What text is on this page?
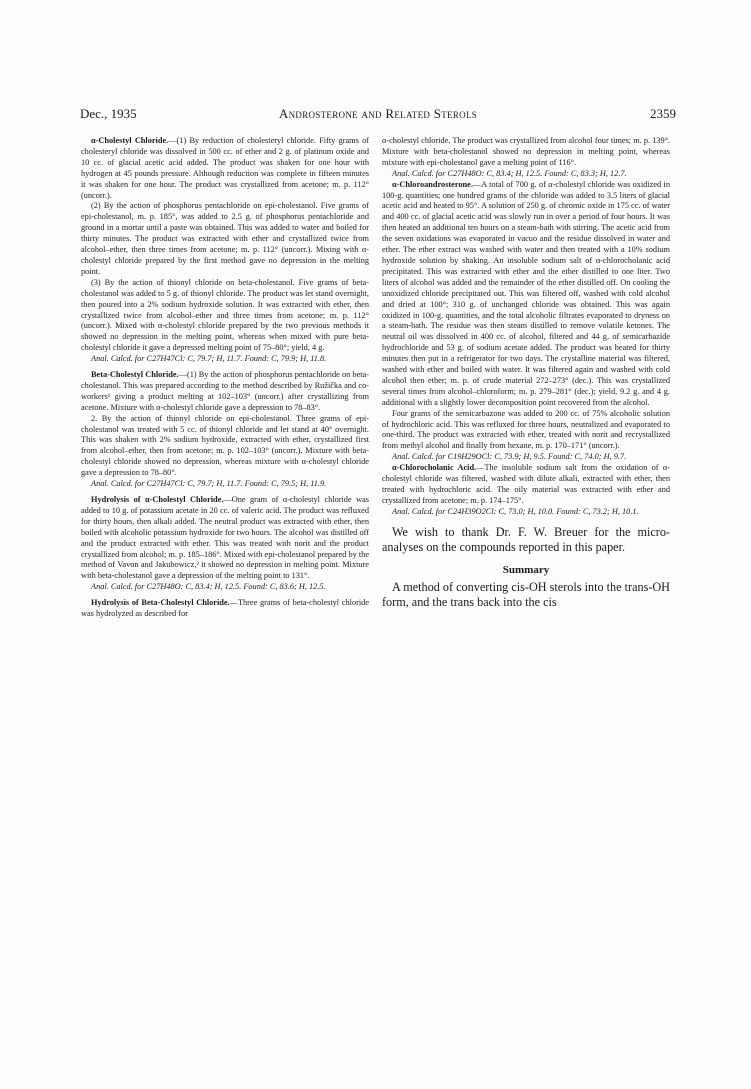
Dec., 1935	Androsterone and Related Sterols	2359

α-Cholestyl Chloride.—(1) By reduction of cholesteryl chloride. Fifty grams of cholesteryl chloride was dissolved in 500 cc. of ether and 2 g. of platinum oxide and 10 cc. of glacial acetic acid added. The product was shaken for one hour with hydrogen at 45 pounds pressure. Although reduction was complete in fifteen minutes it was shaken for one hour. The product was crystallized from acetone; m. p. 112° (uncorr.).

(2) By the action of phosphorus pentachloride on epi-cholestanol. Five grams of epi-cholestanol, m. p. 185°, was added to 2.5 g. of phosphorus pentachloride and ground in a mortar until a paste was obtained. This was added to water and boiled for thirty minutes. The product was extracted with ether and crystallized twice from alcohol–ether, then three times from acetone; m. p. 112° (uncorr.). Mixing with α-cholestyl chloride prepared by the first method gave no depression in the melting point.

(3) By the action of thionyl chloride on beta-cholestanol. Five grams of beta-cholestanol was added to 5 g. of thionyl chloride. The product was let stand overnight, then poured into a 2% sodium hydroxide solution. It was extracted with ether, then crystallized twice from alcohol–ether and three times from acetone; m. p. 112° (uncorr.). Mixed with α-cholestyl chloride prepared by the two previous methods it showed no depression in the melting point, whereas when mixed with pure beta-cholestyl chloride it gave a depressed melting point of 75–80°; yield, 4 g.

Anal. Calcd. for C27H47Cl: C, 79.7; H, 11.7. Found: C, 79.9; H, 11.8.

Beta-Cholestyl Chloride.—(1) By the action of phosphorus pentachloride on beta-cholestanol. This was prepared according to the method described by Ružička and co-workers¹ giving a product melting at 102–103° (uncorr.) after crystallizing from acetone. Mixture with α-cholestyl chloride gave a depression to 78–83°.

2. By the action of thionyl chloride on epi-cholestanol. Three grams of epi-cholestanol was treated with 5 cc. of thionyl chloride and let stand at 40° overnight. This was shaken with 2% sodium hydroxide, extracted with ether, crystallized first from alcohol–ether, then from acetone; m. p. 102–103° (uncorr.). Mixture with beta-cholestyl chloride showed no depression, whereas mixture with α-cholestyl chloride gave a depression to 78–80°.

Anal. Calcd. for C27H47Cl: C, 79.7; H, 11.7. Found: C, 79.5; H, 11.9.

Hydrolysis of α-Cholestyl Chloride.—One gram of α-cholestyl chloride was added to 10 g. of potassium acetate in 20 cc. of valeric acid. The product was refluxed for thirty hours, then alkali added. The neutral product was extracted with ether, then boiled with alcoholic potassium hydroxide for two hours. The alcohol was distilled off and the product extracted with ether. This was treated with norit and the product crystallized from alcohol; m. p. 185–186°. Mixed with epi-cholestanol prepared by the method of Vavon and Jakubowicz,² it showed no depression in melting point. Mixture with beta-cholestanol gave a depression of the melting point to 131°.

Anal. Calcd. for C27H48O: C, 83.4; H, 12.5. Found: C, 83.6; H, 12.5.

Hydrolysis of Beta-Cholestyl Chloride.—Three grams of beta-cholestyl chloride was hydrolyzed as described for

α-cholestyl chloride. The product was crystallized from alcohol four times; m. p. 139°. Mixture with beta-cholestanol showed no depression in melting point, whereas mixture with epi-cholestanol gave a melting point of 116°.

Anal. Calcd. for C27H48O: C, 83.4; H, 12.5. Found: C, 83.3; H, 12.7.

α-Chloroandrosterone.—A total of 700 g. of α-cholestyl chloride was oxidized in 100-g. quantities; one hundred grams of the chloride was added to 3.5 liters of glacial acetic acid and heated to 95°. A solution of 250 g. of chromic oxide in 175 cc. of water and 400 cc. of glacial acetic acid was slowly run in over a period of four hours. It was then heated an additional ten hours on a steam-bath with stirring. The acetic acid from the seven oxidations was evaporated in vacuo and the residue dissolved in water and ether. The ether extract was washed with water and then treated with a 10% sodium hydroxide solution by shaking. An insoluble sodium salt of α-chlorocholanic acid precipitated. This was extracted with ether and the ether distilled to one liter. Two liters of alcohol was added and the remainder of the ether distilled off. On cooling the unoxidized chloride precipitated out. This was filtered off, washed with cold alcohol and dried at 100°; 310 g. of unchanged chloride was obtained. This was again oxidized in 100-g. quantities, and the total alcoholic filtrates evaporated to dryness on a steam-bath. The residue was then steam distilled to remove volatile ketones. The neutral oil was dissolved in 400 cc. of alcohol, filtered and 44 g. of semicarbazide hydrochloride and 53 g. of sodium acetate added. The product was heated for thirty minutes then put in a refrigerator for two days. The crystalline material was filtered, washed with ether and boiled with water. It was filtered again and washed with cold alcohol then ether; m. p. of crude material 272–273° (dec.). This was crystallized several times from alcohol–chloroform; m. p. 279–281° (dec.); yield, 9.2 g. and 4 g. additional with a slightly lower decomposition point recovered from the alcohol.

Four grams of the semicarbazone was added to 200 cc. of 75% alcoholic solution of hydrochloric acid. This was refluxed for three hours, neutralized and evaporated to one-third. The product was extracted with ether, treated with norit and recrystallized from methyl alcohol and finally from hexane, m. p. 170–171° (uncorr.).

Anal. Calcd. for C19H29OCl: C, 73.9; H, 9.5. Found: C, 74.0; H, 9.7.

α-Chlorocholanic Acid.—The insoluble sodium salt from the oxidation of α-cholestyl chloride was filtered, washed with dilute alkali, extracted with ether, then treated with hydrochloric acid. The oily material was extracted with ether and crystallized from acetone; m. p. 174–175°.

Anal. Calcd. for C24H39O2Cl: C, 73.0; H, 10.0. Found: C, 73.2; H, 10.1.

We wish to thank Dr. F. W. Breuer for the micro-analyses on the compounds reported in this paper.

Summary

A method of converting cis-OH sterols into the trans-OH form, and the trans back into the cis
